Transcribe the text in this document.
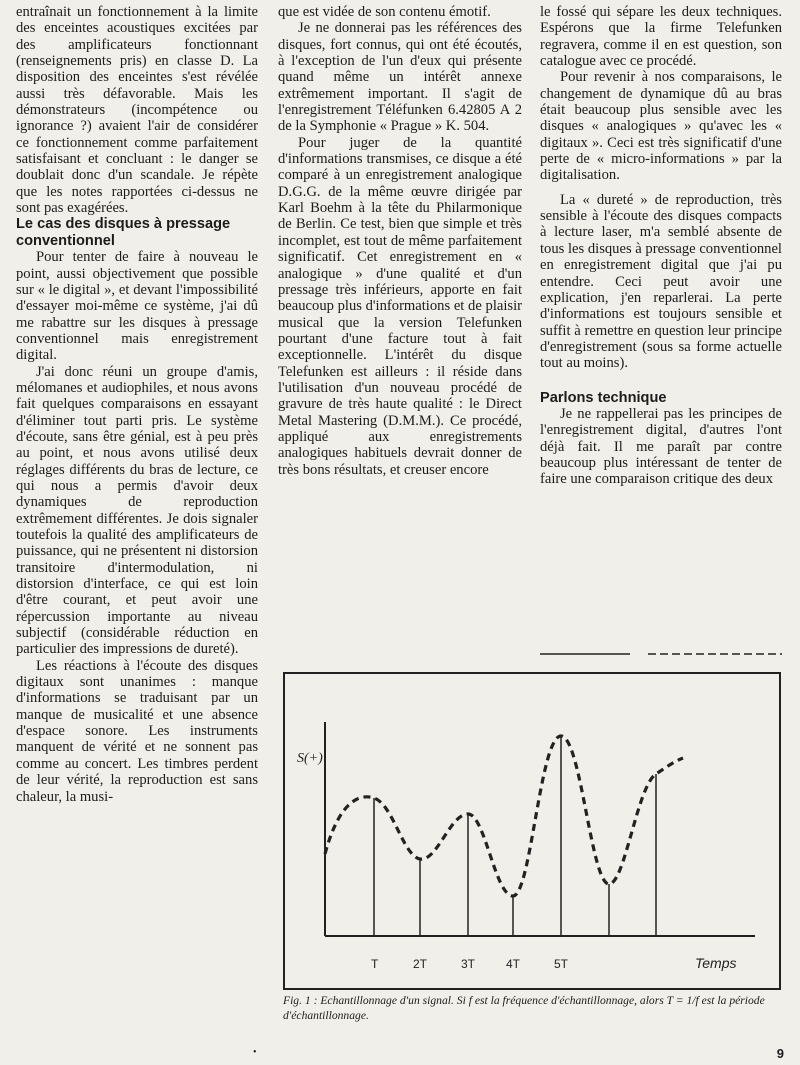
entraînait un fonctionnement à la limite des enceintes acoustiques excitées par des amplificateurs fonctionnant (renseignements pris) en classe D. La disposition des enceintes s'est révélée aussi très défavorable. Mais les démonstrateurs (incompétence ou ignorance ?) avaient l'air de considérer ce fonctionnement comme parfaitement satisfaisant et concluant : le danger se doublait donc d'un scandale. Je répète que les notes rapportées ci-dessus ne sont pas exagérées.

Le cas des disques à pressage conventionnel

Pour tenter de faire à nouveau le point, aussi objectivement que possible sur « le digital », et devant l'impossibilité d'essayer moi-même ce système, j'ai dû me rabattre sur les disques à pressage conventionnel mais enregistrement digital.

J'ai donc réuni un groupe d'amis, mélomanes et audiophiles, et nous avons fait quelques comparaisons en essayant d'éliminer tout parti pris. Le système d'écoute, sans être génial, est à peu près au point, et nous avons utilisé deux réglages différents du bras de lecture, ce qui nous a permis d'avoir deux dynamiques de reproduction extrêmement différentes. Je dois signaler toutefois la qualité des amplificateurs de puissance, qui ne présentent ni distorsion transitoire d'intermodulation, ni distorsion d'interface, ce qui est loin d'être courant, et peut avoir une répercussion importante au niveau subjectif (considérable réduction en particulier des impressions de dureté).

Les réactions à l'écoute des disques digitaux sont unanimes : manque d'informations se traduisant par un manque de musicalité et une absence d'espace sonore. Les instruments manquent de vérité et ne sonnent pas comme au concert. Les timbres perdent de leur vérité, la reproduction est sans chaleur, la musi-

que est vidée de son contenu émotif.

Je ne donnerai pas les références des disques, fort connus, qui ont été écoutés, à l'exception de l'un d'eux qui présente quand même un intérêt annexe extrêmement important. Il s'agit de l'enregistrement Téléfunken 6.42805 A 2 de la Symphonie « Prague » K. 504.

Pour juger de la quantité d'informations transmises, ce disque a été comparé à un enregistrement analogique D.G.G. de la même œuvre dirigée par Karl Boehm à la tête du Philarmonique de Berlin. Ce test, bien que simple et très incomplet, est tout de même parfaitement significatif. Cet enregistrement en « analogique » d'une qualité et d'un pressage très inférieurs, apporte en fait beaucoup plus d'informations et de plaisir musical que la version Telefunken pourtant d'une facture tout à fait exceptionnelle. L'intérêt du disque Telefunken est ailleurs : il réside dans l'utilisation d'un nouveau procédé de gravure de très haute qualité : le Direct Metal Mastering (D.M.M.). Ce procédé, appliqué aux enregistrements analogiques habituels devrait donner de très bons résultats, et creuser encore

le fossé qui sépare les deux techniques. Espérons que la firme Telefunken regravera, comme il en est question, son catalogue avec ce procédé.

Pour revenir à nos comparaisons, le changement de dynamique dû au bras était beaucoup plus sensible avec les disques « analogiques » qu'avec les « digitaux ». Ceci est très significatif d'une perte de « micro-informations » par la digitalisation.

La « dureté » de reproduction, très sensible à l'écoute des disques compacts à lecture laser, m'a semblé absente de tous les disques à pressage conventionnel en enregistrement digital que j'ai pu entendre. Ceci peut avoir une explication, j'en reparlerai. La perte d'informations est toujours sensible et suffit à remettre en question leur principe d'enregistrement (sous sa forme actuelle tout au moins).

Parlons technique

Je ne rappellerai pas les principes de l'enregistrement digital, d'autres l'ont déjà fait. Il me paraît par contre beaucoup plus intéressant de tenter de faire une comparaison critique des deux

S(+)
Temps
T	2T	3T	4T	5T
Fig. 1 : Echantillonnage d'un signal. Si f est la fréquence d'échantillonnage, alors T = 1/f est la période d'échantillonnage.
•	9
